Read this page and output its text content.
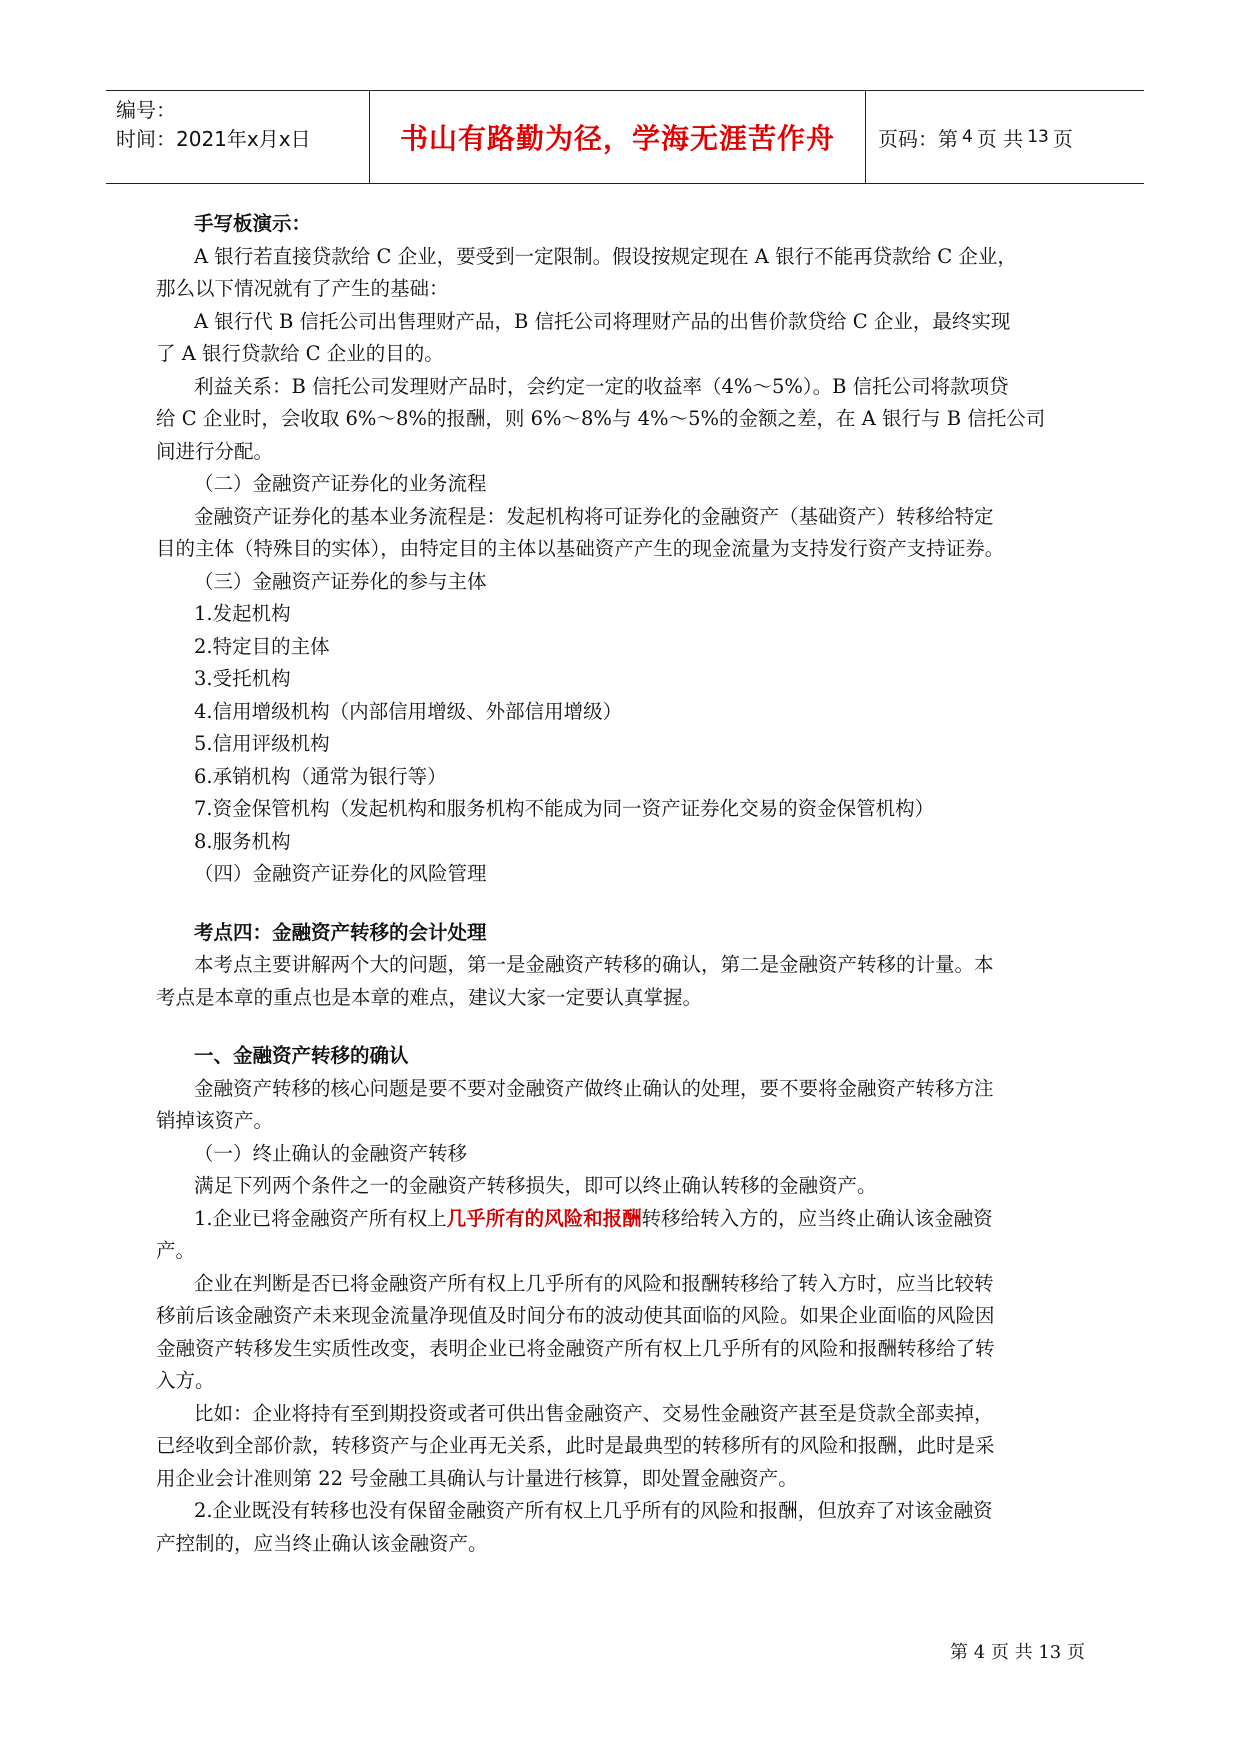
编号：
时间：2021年x月x日	书山有路勤为径，学海无涯苦作舟	页码：第 4 页 共 13 页

手写板演示：

A 银行若直接贷款给 C 企业，要受到一定限制。假设按规定现在 A 银行不能再贷款给 C 企业，

那么以下情况就有了产生的基础：

A 银行代 B 信托公司出售理财产品，B 信托公司将理财产品的出售价款贷给 C 企业，最终实现

了 A 银行贷款给 C 企业的目的。

利益关系：B 信托公司发理财产品时，会约定一定的收益率（4%～5%）。B 信托公司将款项贷

给 C 企业时，会收取 6%～8%的报酬，则 6%～8%与 4%～5%的金额之差，在 A 银行与 B 信托公司

间进行分配。

（二）金融资产证券化的业务流程

金融资产证券化的基本业务流程是：发起机构将可证券化的金融资产（基础资产）转移给特定

目的主体（特殊目的实体），由特定目的主体以基础资产产生的现金流量为支持发行资产支持证券。

（三）金融资产证券化的参与主体

1.发起机构

2.特定目的主体

3.受托机构

4.信用增级机构（内部信用增级、外部信用增级）

5.信用评级机构

6.承销机构（通常为银行等）

7.资金保管机构（发起机构和服务机构不能成为同一资产证券化交易的资金保管机构）

8.服务机构

（四）金融资产证券化的风险管理

考点四：金融资产转移的会计处理

本考点主要讲解两个大的问题，第一是金融资产转移的确认，第二是金融资产转移的计量。本

考点是本章的重点也是本章的难点，建议大家一定要认真掌握。

一、金融资产转移的确认

金融资产转移的核心问题是要不要对金融资产做终止确认的处理，要不要将金融资产转移方注

销掉该资产。

（一）终止确认的金融资产转移

满足下列两个条件之一的金融资产转移损失，即可以终止确认转移的金融资产。

1.企业已将金融资产所有权上几乎所有的风险和报酬转移给转入方的，应当终止确认该金融资

产。

企业在判断是否已将金融资产所有权上几乎所有的风险和报酬转移给了转入方时，应当比较转

移前后该金融资产未来现金流量净现值及时间分布的波动使其面临的风险。如果企业面临的风险因

金融资产转移发生实质性改变，表明企业已将金融资产所有权上几乎所有的风险和报酬转移给了转

入方。

比如：企业将持有至到期投资或者可供出售金融资产、交易性金融资产甚至是贷款全部卖掉，

已经收到全部价款，转移资产与企业再无关系，此时是最典型的转移所有的风险和报酬，此时是采

用企业会计准则第 22 号金融工具确认与计量进行核算，即处置金融资产。

2.企业既没有转移也没有保留金融资产所有权上几乎所有的风险和报酬，但放弃了对该金融资

产控制的，应当终止确认该金融资产。

第 4 页 共 13 页
